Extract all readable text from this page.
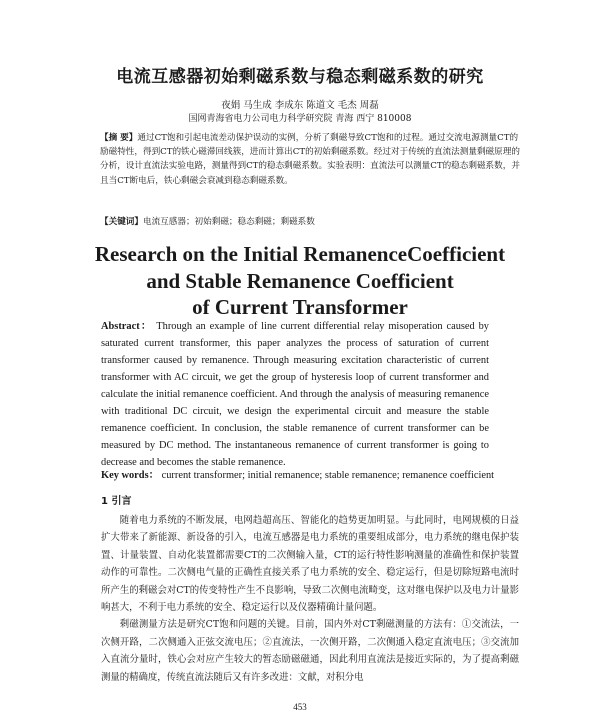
电流互感器初始剩磁系数与稳态剩磁系数的研究
夜娟 马生成 李成东 陈道文 毛杰 周磊
国网青海省电力公司电力科学研究院 青海 西宁 810008
【摘 要】通过CT饱和引起电流差动保护误动的实例，分析了剩磁导致CT饱和的过程。通过交流电源测量CT的励磁特性，得到CT的铁心磁滞回线簇，进而计算出CT的初始剩磁系数。经过对于传统的直流法测量剩磁原理的分析，设计直流法实验电路，测量得到CT的稳态剩磁系数。实验表明：直流法可以测量CT的稳态剩磁系数，并且当CT断电后，铁心剩磁会衰减到稳态剩磁系数。
【关键词】电流互感器；初始剩磁；稳态剩磁；剩磁系数
Research on the Initial RemanenceCoefficient
and Stable Remanence Coefficient
of Current Transformer
Abstract： Through an example of line current differential relay misoperation caused by saturated current transformer, this paper analyzes the process of saturation of current transformer caused by remanence. Through measuring excitation characteristic of current transformer with AC circuit, we get the group of hysteresis loop of current transformer and calculate the initial remanence coefficient. And through the analysis of measuring remanence with traditional DC circuit, we design the experimental circuit and measure the stable remanence coefficient. In conclusion, the stable remanence of current transformer can be measured by DC method. The instantaneous remanence of current transformer is going to decrease and becomes the stable remanence.
Key words： current transformer; initial remanence; stable remanence; remanence coefficient
1 引言

随着电力系统的不断发展，电网趋超高压、智能化的趋势更加明显。与此同时，电网规模的日益扩大带来了新能源、新设备的引入，电流互感器是电力系统的重要组成部分，电力系统的继电保护装置、计量装置、自动化装置都需要CT的二次侧输入量，CT的运行特性影响测量的准确性和保护装置动作的可靠性。二次侧电气量的正确性直接关系了电力系统的安全、稳定运行，但是切除短路电流时所产生的剩磁会对CT的传变特性产生不良影响，导致二次侧电流畸变，这对继电保护以及电力计量影响甚大，不利于电力系统的安全、稳定运行以及仪器精确计量问题。

剩磁测量方法是研究CT饱和问题的关键。目前，国内外对CT剩磁测量的方法有：①交流法，一次侧开路，二次侧通入正弦交流电压；②直流法，一次侧开路，二次侧通入稳定直流电压；③交流加入直流分量时，铁心会对应产生较大的暂态励磁磁通，因此利用直流法是接近实际的，为了提高剩磁测量的精确度，传统直流法随后又有许多改进：文献，对积分电

453
